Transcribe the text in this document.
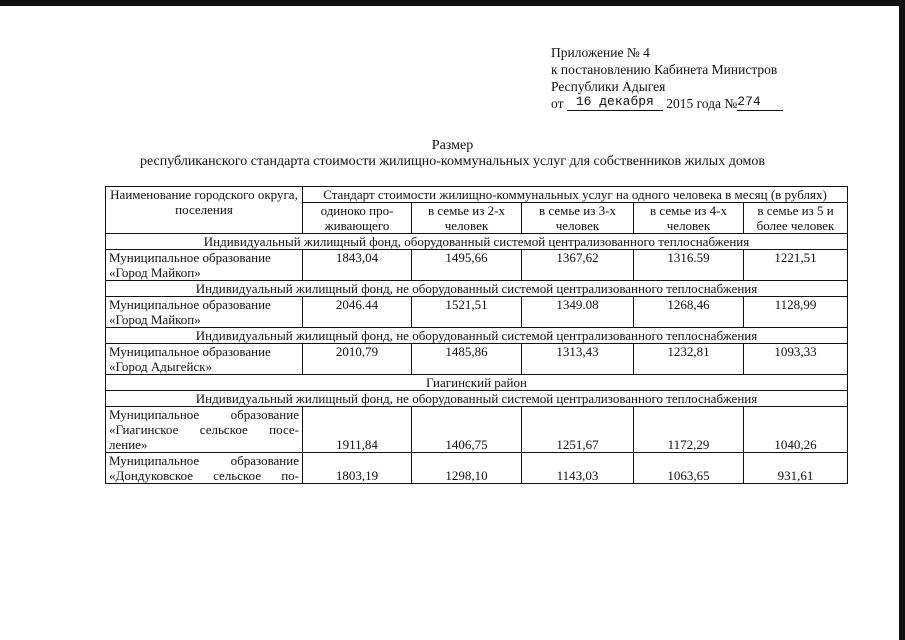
Приложение № 4
к постановлению Кабинета Министров
Республики Адыгея
от 16 декабря 2015 года №274
Размер
республиканского стандарта стоимости жилищно-коммунальных услуг для собственников жилых домов
Наименование городского округа, поселения	Стандарт стоимости жилищно-коммунальных услуг на одного человека в месяц (в рублях)				
	одиноко про-живающего	в семье из 2-х человек	в семье из 3-х человек	в семье из 4-х человек	в семье из 5 и более человек
Индивидуальный жилищный фонд, оборудованный системой централизованного теплоснабжения					

Муниципальное образование
«Город Майкоп»	1843,04	1495,66	1367,62	1316.59	1221,51
Индивидуальный жилищный фонд, не оборудованный системой централизованного теплоснабжения					

Муниципальное образование
«Город Майкоп»	2046.44	1521,51	1349.08	1268,46	1128,99
Индивидуальный жилищный фонд, не оборудованный системой централизованного теплоснабжения					

Муниципальное образование
«Город Адыгейск»	2010,79	1485,86	1313,43	1232,81	1093,33
Гиагинский район					
Индивидуальный жилищный фонд, не оборудованный системой централизованного теплоснабжения					

Муниципальное образование
«Гиагинское сельское посе-
ление»	1911,84	1406,75	1251,67	1172,29	1040,26

Муниципальное образование
«Дондуковское сельское по-	1803,19	1298,10	1143,03	1063,65	931,61
